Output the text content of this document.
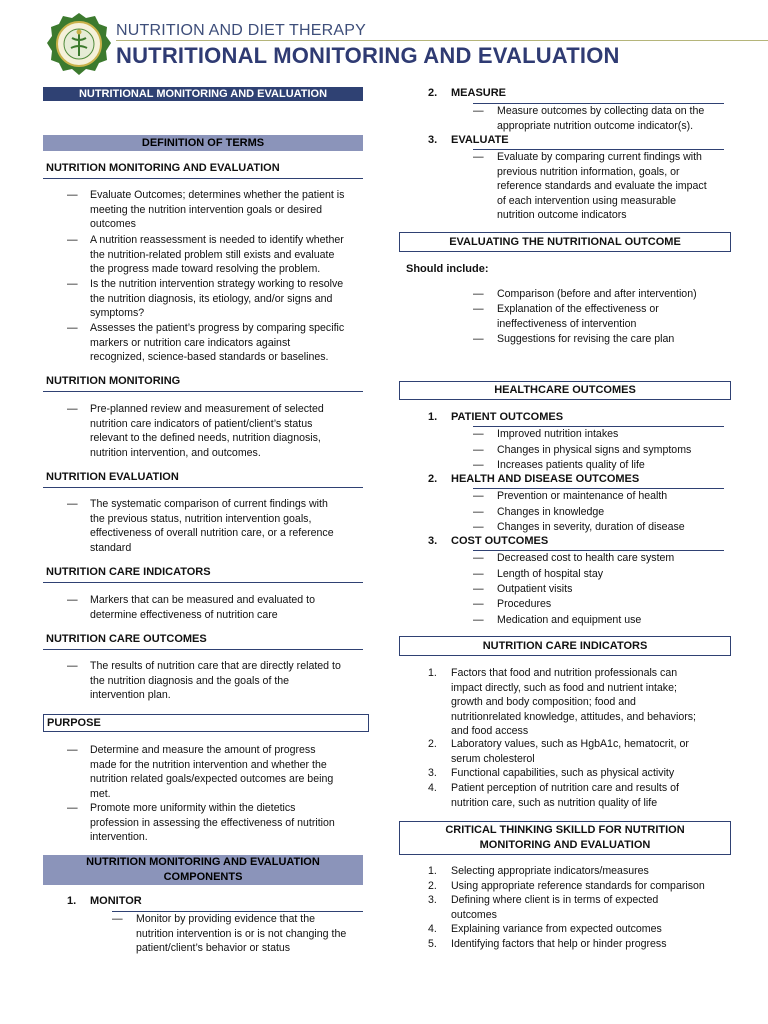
NUTRITION AND DIET THERAPY
NUTRITIONAL MONITORING AND EVALUATION
NUTRITIONAL MONITORING AND EVALUATION
DEFINITION OF TERMS
NUTRITION MONITORING AND EVALUATION
— Evaluate Outcomes; determines whether the patient is
meeting the nutrition intervention goals or desired
outcomes
— A nutrition reassessment is needed to identify whether
the nutrition-related problem still exists and evaluate
the progress made toward resolving the problem.
— Is the nutrition intervention strategy working to resolve
the nutrition diagnosis, its etiology, and/or signs and
symptoms?
— Assesses the patient’s progress by comparing specific
markers or nutrition care indicators against
recognized, science-based standards or baselines.
NUTRITION MONITORING
— Pre-planned review and measurement of selected
nutrition care indicators of patient/client’s status
relevant to the defined needs, nutrition diagnosis,
nutrition intervention, and outcomes.
NUTRITION EVALUATION
— The systematic comparison of current findings with
the previous status, nutrition intervention goals,
effectiveness of overall nutrition care, or a reference
standard
NUTRITION CARE INDICATORS
— Markers that can be measured and evaluated to
determine effectiveness of nutrition care
NUTRITION CARE OUTCOMES
— The results of nutrition care that are directly related to
the nutrition diagnosis and the goals of the
intervention plan.
PURPOSE
— Determine and measure the amount of progress
made for the nutrition intervention and whether the
nutrition related goals/expected outcomes are being
met.
— Promote more uniformity within the dietetics
profession in assessing the effectiveness of nutrition
intervention.
NUTRITION MONITORING AND EVALUATION
COMPONENTS
1. MONITOR
— Monitor by providing evidence that the
nutrition intervention is or is not changing the
patient/client’s behavior or status
2. MEASURE
— Measure outcomes by collecting data on the
appropriate nutrition outcome indicator(s).
3. EVALUATE
— Evaluate by comparing current findings with
previous nutrition information, goals, or
reference standards and evaluate the impact
of each intervention using measurable
nutrition outcome indicators
EVALUATING THE NUTRITIONAL OUTCOME
Should include:
— Comparison (before and after intervention)
— Explanation of the effectiveness or
ineffectiveness of intervention
— Suggestions for revising the care plan
HEALTHCARE OUTCOMES
1. PATIENT OUTCOMES
— Improved nutrition intakes
— Changes in physical signs and symptoms
— Increases patients quality of life
2. HEALTH AND DISEASE OUTCOMES
— Prevention or maintenance of health
— Changes in knowledge
— Changes in severity, duration of disease
3. COST OUTCOMES
— Decreased cost to health care system
— Length of hospital stay
— Outpatient visits
— Procedures
— Medication and equipment use
NUTRITION CARE INDICATORS
1. Factors that food and nutrition professionals can
impact directly, such as food and nutrient intake;
growth and body composition; food and
nutritionrelated knowledge, attitudes, and behaviors;
and food access
2. Laboratory values, such as HgbA1c, hematocrit, or
serum cholesterol
3. Functional capabilities, such as physical activity
4. Patient perception of nutrition care and results of
nutrition care, such as nutrition quality of life
CRITICAL THINKING SKILLD FOR NUTRITION
MONITORING AND EVALUATION
1. Selecting appropriate indicators/measures
2. Using appropriate reference standards for comparison
3. Defining where client is in terms of expected
outcomes
4. Explaining variance from expected outcomes
5. Identifying factors that help or hinder progress
